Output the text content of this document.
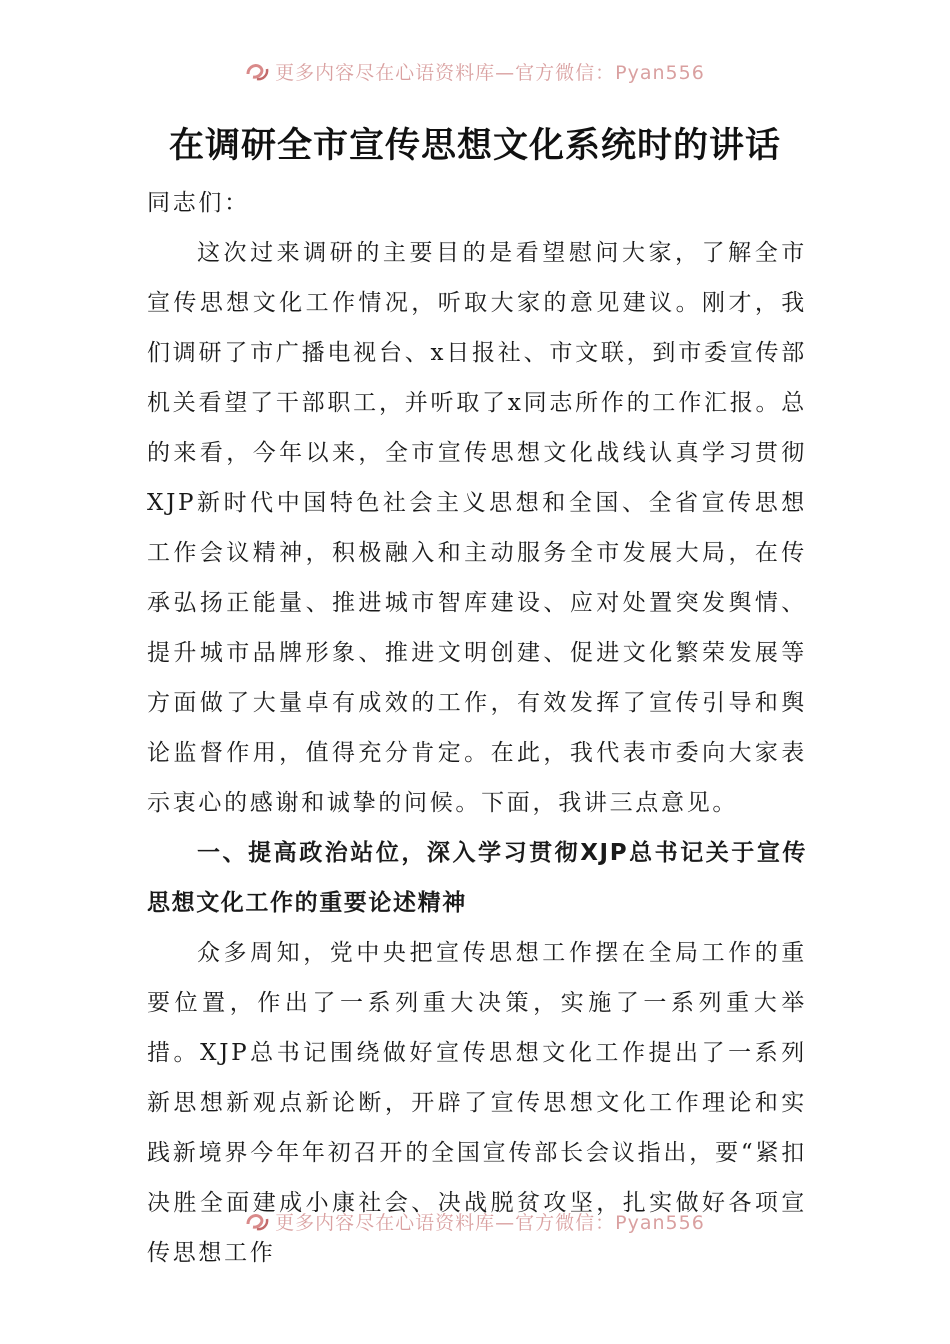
更多内容尽在心语资料库—官方微信：Pyan556
在调研全市宣传思想文化系统时的讲话

同志们：

这次过来调研的主要目的是看望慰问大家，了解全市宣传思想文化工作情况，听取大家的意见建议。刚才，我们调研了市广播电视台、x日报社、市文联，到市委宣传部机关看望了干部职工，并听取了x同志所作的工作汇报。总的来看，今年以来，全市宣传思想文化战线认真学习贯彻XJP新时代中国特色社会主义思想和全国、全省宣传思想工作会议精神，积极融入和主动服务全市发展大局，在传承弘扬正能量、推进城市智库建设、应对处置突发舆情、提升城市品牌形象、推进文明创建、促进文化繁荣发展等方面做了大量卓有成效的工作，有效发挥了宣传引导和舆论监督作用，值得充分肯定。在此，我代表市委向大家表示衷心的感谢和诚挚的问候。下面，我讲三点意见。

一、提高政治站位，深入学习贯彻XJP总书记关于宣传思想文化工作的重要论述精神

众多周知，党中央把宣传思想工作摆在全局工作的重要位置，作出了一系列重大决策，实施了一系列重大举措。XJP总书记围绕做好宣传思想文化工作提出了一系列新思想新观点新论断，开辟了宣传思想文化工作理论和实践新境界今年年初召开的全国宣传部长会议指出，要“紧扣决胜全面建成小康社会、决战脱贫攻坚，扎实做好各项宣传思想工作

更多内容尽在心语资料库—官方微信：Pyan556
